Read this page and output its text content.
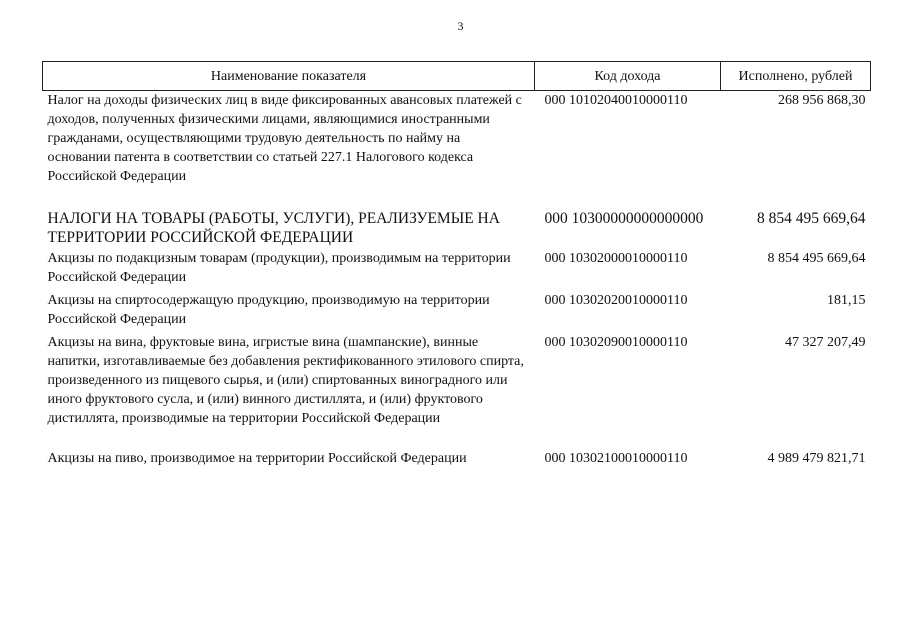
3
Наименование показателя	Код дохода	Исполнено, рублей
Налог на доходы физических лиц в виде фиксированных авансовых платежей с доходов, полученных физическими лицами, являющимися иностранными гражданами, осуществляющими трудовую деятельность по найму на основании патента в соответствии со статьей 227.1 Налогового кодекса Российской Федерации	000 10102040010000110	268 956 868,30
НАЛОГИ НА ТОВАРЫ (РАБОТЫ, УСЛУГИ), РЕАЛИЗУЕМЫЕ НА ТЕРРИТОРИИ РОССИЙСКОЙ ФЕДЕРАЦИИ	000 10300000000000000	8 854 495 669,64
Акцизы по подакцизным товарам (продукции), производимым на территории Российской Федерации	000 10302000010000110	8 854 495 669,64
Акцизы на спиртосодержащую продукцию, производимую на территории Российской Федерации	000 10302020010000110	181,15
Акцизы на вина, фруктовые вина, игристые вина (шампанские), винные напитки, изготавливаемые без добавления ректификованного этилового спирта, произведенного из пищевого сырья, и (или) спиртованных виноградного или иного фруктового сусла, и (или) винного дистиллята, и (или) фруктового дистиллята, производимые на территории Российской Федерации	000 10302090010000110	47 327 207,49
Акцизы на пиво, производимое на территории Российской Федерации	000 10302100010000110	4 989 479 821,71
